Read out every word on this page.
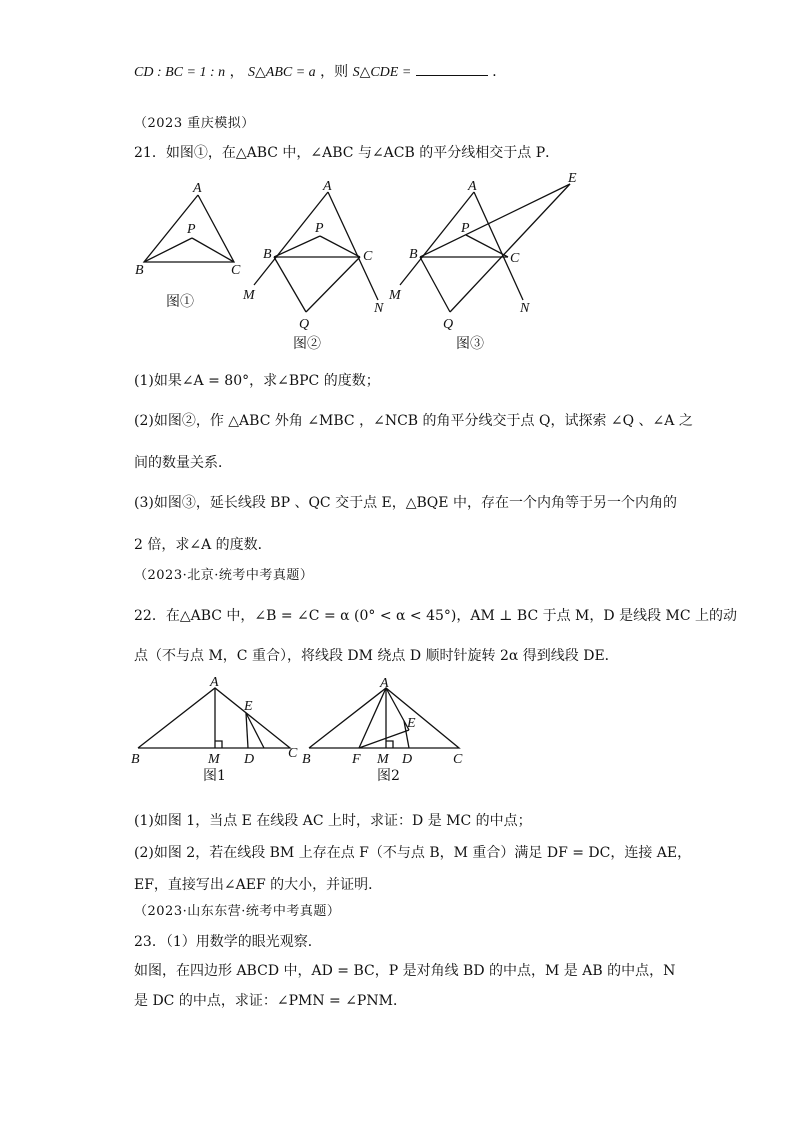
CD : BC = 1 : n ， S△ABC = a ，则 S△CDE =	．
（2023 重庆模拟）
21．如图①，在△ABC 中，∠ABC 与∠ACB 的平分线相交于点 P．
(1)如果∠A = 80°，求∠BPC 的度数；
(2)如图②，作 △ABC 外角 ∠MBC ，∠NCB 的角平分线交于点 Q，试探索 ∠Q 、∠A 之
间的数量关系．
(3)如图③，延长线段 BP 、QC 交于点 E，△BQE 中，存在一个内角等于另一个内角的
2 倍，求∠A 的度数．
（2023·北京·统考中考真题）
22．在△ABC 中，∠B = ∠C = α (0° < α < 45°)，AM ⊥ BC 于点 M，D 是线段 MC 上的动
点（不与点 M，C 重合），将线段 DM 绕点 D 顺时针旋转 2α 得到线段 DE．
(1)如图 1，当点 E 在线段 AC 上时，求证：D 是 MC 的中点；
(2)如图 2，若在线段 BM 上存在点 F（不与点 B，M 重合）满足 DF = DC，连接 AE，
EF，直接写出∠AEF 的大小，并证明．
（2023·山东东营·统考中考真题）
23．（1）用数学的眼光观察．
如图，在四边形 ABCD 中，AD = BC，P 是对角线 BD 的中点，M 是 AB 的中点，N
是 DC 的中点，求证：∠PMN = ∠PNM．
A
P
B	C
图①
A
P
B	C
M
N
Q
图②
A
E
P
B	C
M
N
Q
图③
A
E
B	M D C
图1
A
E
B	F M D	C
图2
